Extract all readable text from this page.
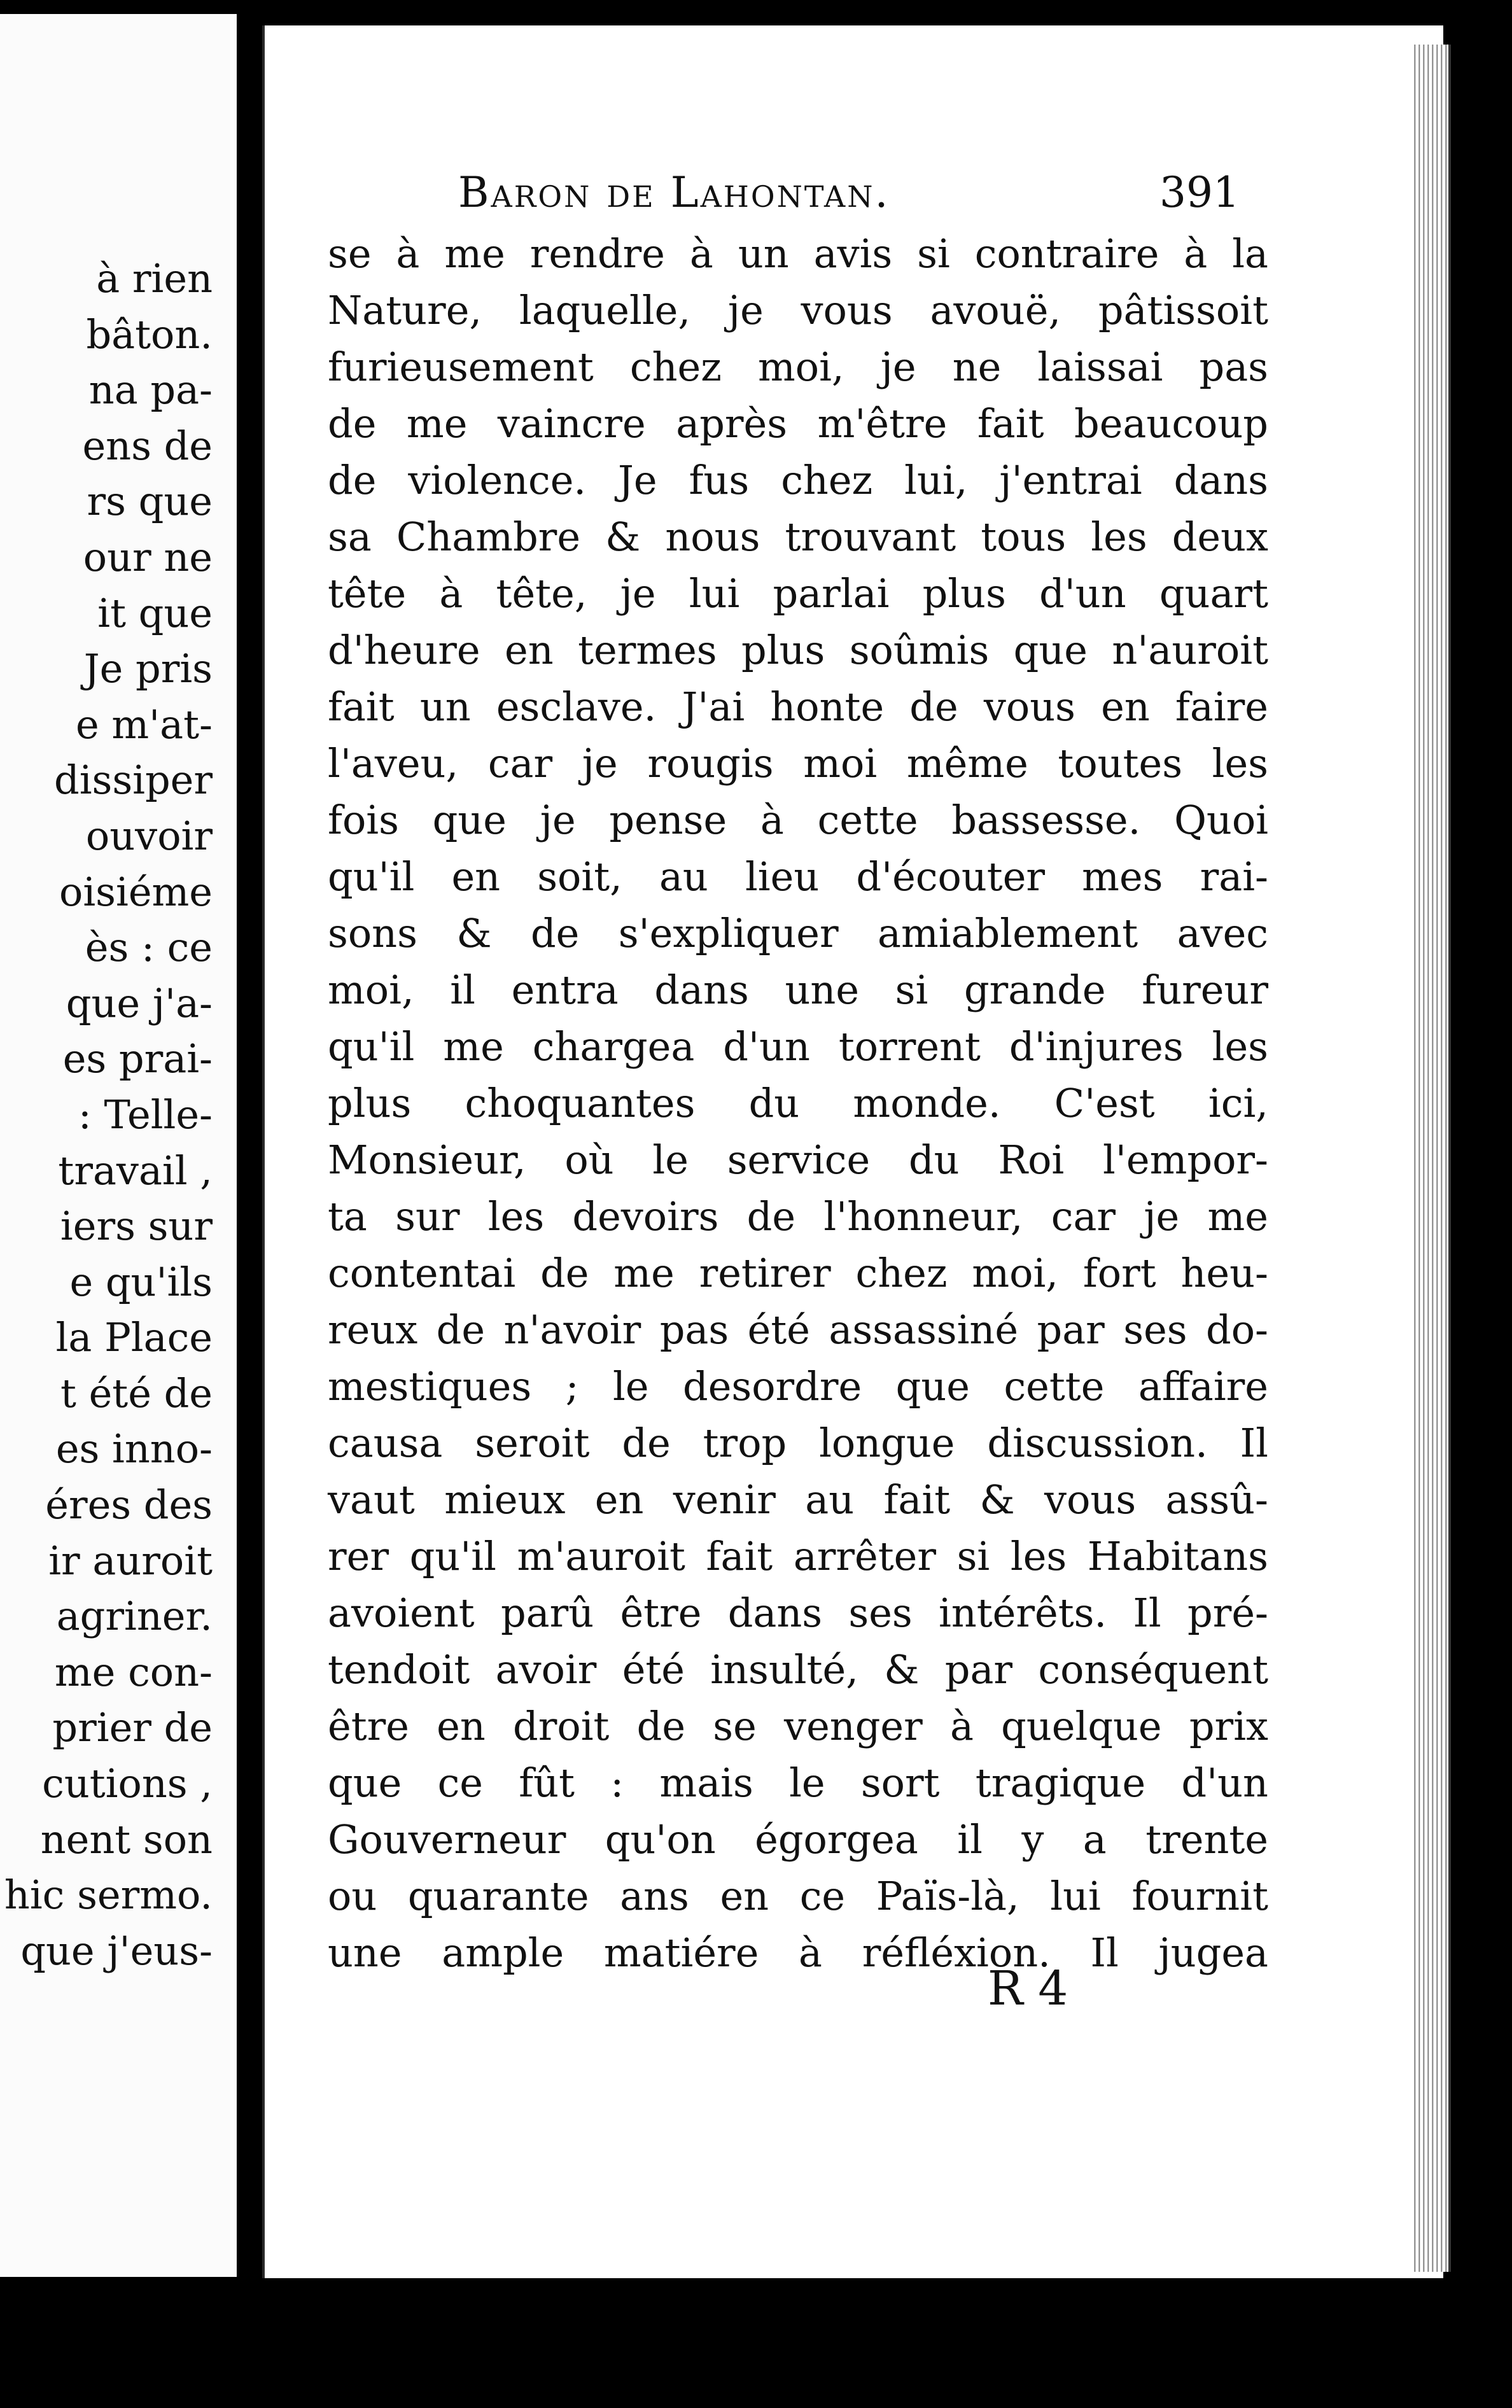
à rien
bâton.
na pa-
ens de
rs que
our ne
it que
Je pris
e m'at-
dissiper
ouvoir
oisiéme
ès : ce
que j'a-
es prai-
: Telle-
travail ,
iers sur
e qu'ils
la Place
t été de
es inno-
éres des
ir auroit
agriner.
me con-
prier de
cutions ,
nent son
hic sermo.
que j'eus-
Baron de Lahontan.	391
se à me rendre à un avis si contraire à la
Nature, laquelle, je vous avouë, pâtissoit
furieusement chez moi, je ne laissai pas
de me vaincre après m'être fait beaucoup
de violence. Je fus chez lui, j'entrai dans
sa Chambre & nous trouvant tous les deux
tête à tête, je lui parlai plus d'un quart
d'heure en termes plus soûmis que n'auroit
fait un esclave. J'ai honte de vous en faire
l'aveu, car je rougis moi même toutes les
fois que je pense à cette bassesse. Quoi
qu'il en soit, au lieu d'écouter mes rai-
sons & de s'expliquer amiablement avec
moi, il entra dans une si grande fureur
qu'il me chargea d'un torrent d'injures les
plus choquantes du monde. C'est ici,
Monsieur, où le service du Roi l'empor-
ta sur les devoirs de l'honneur, car je me
contentai de me retirer chez moi, fort heu-
reux de n'avoir pas été assassiné par ses do-
mestiques ; le desordre que cette affaire
causa seroit de trop longue discussion. Il
vaut mieux en venir au fait & vous assû-
rer qu'il m'auroit fait arrêter si les Habitans
avoient parû être dans ses intérêts. Il pré-
tendoit avoir été insulté, & par conséquent
être en droit de se venger à quelque prix
que ce fût : mais le sort tragique d'un
Gouverneur qu'on égorgea il y a trente
ou quarante ans en ce Païs-là, lui fournit
une ample matiére à réfléxion. Il jugea
R 4
